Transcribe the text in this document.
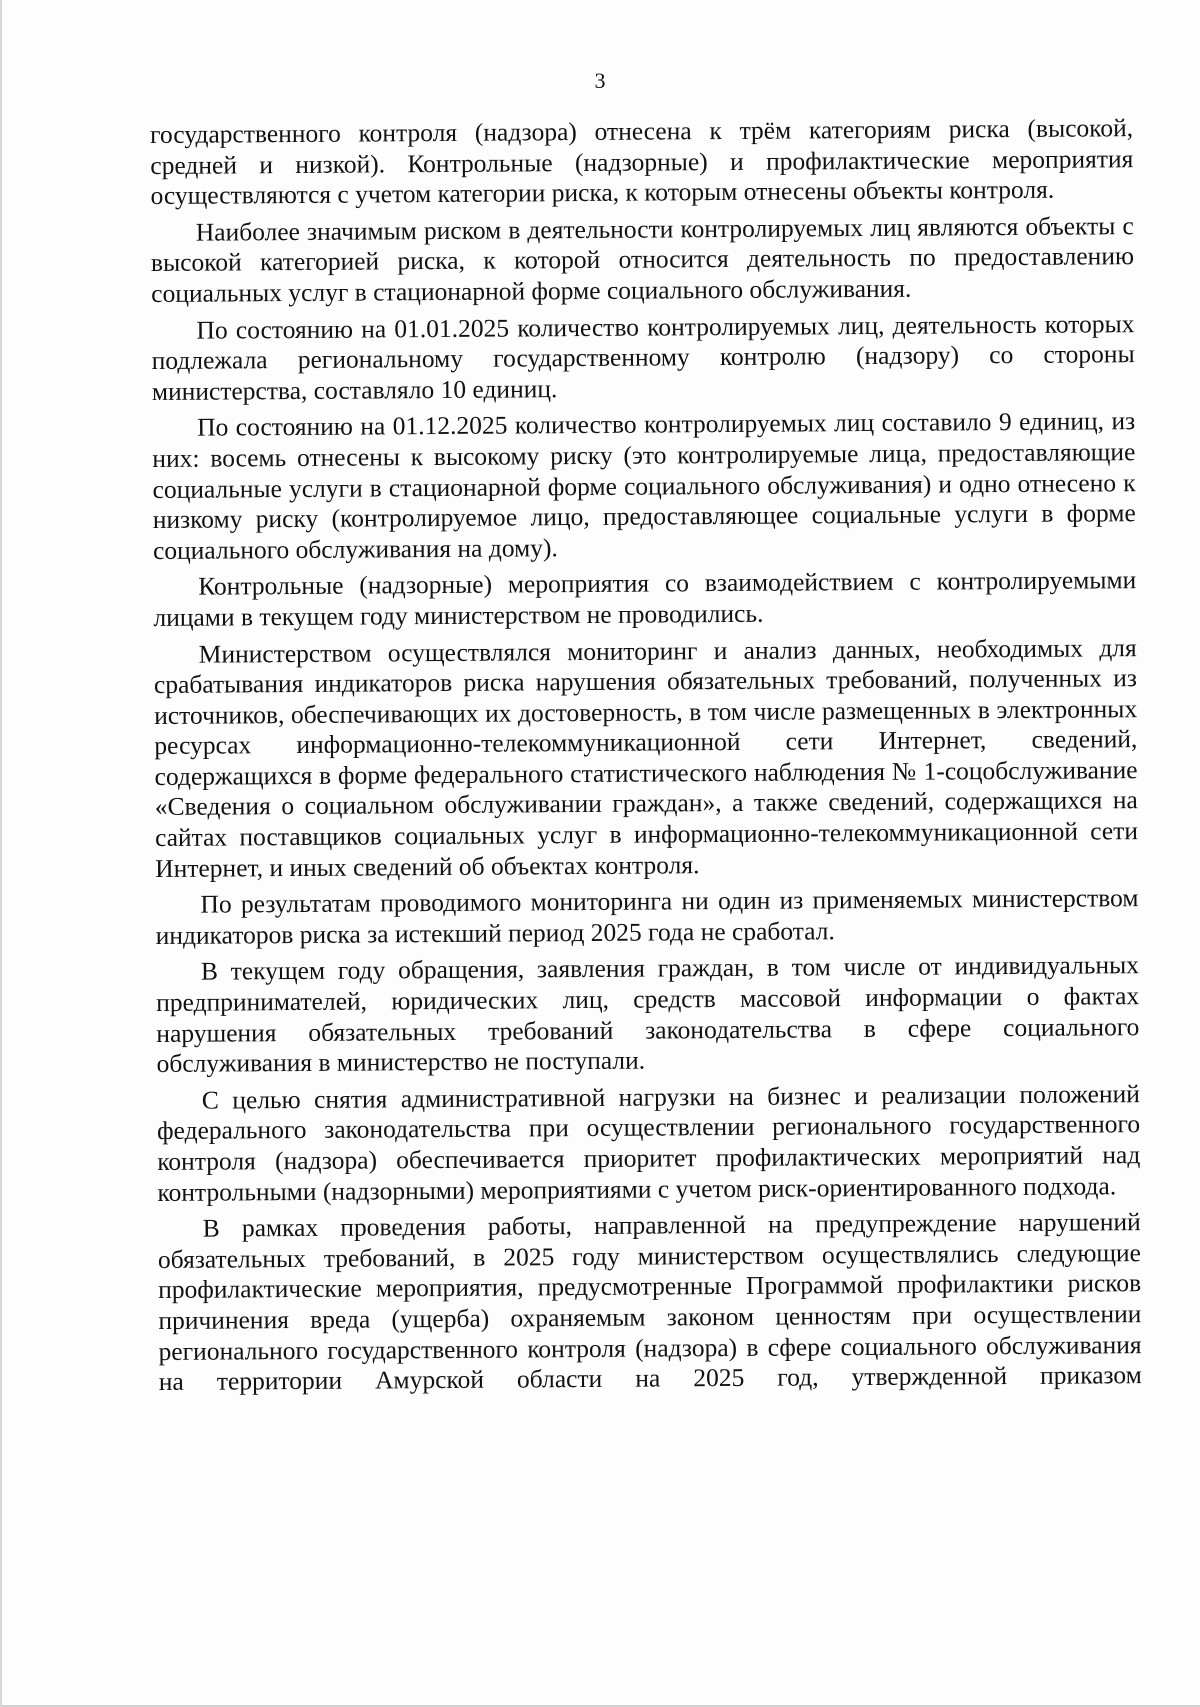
3

государственного контроля (надзора) отнесена к трём категориям риска (высокой, средней и низкой). Контрольные (надзорные) и профилактические мероприятия осуществляются с учетом категории риска, к которым отнесены объекты контроля.

Наиболее значимым риском в деятельности контролируемых лиц являются объекты с высокой категорией риска, к которой относится деятельность по предоставлению социальных услуг в стационарной форме социального обслуживания.

По состоянию на 01.01.2025 количество контролируемых лиц, деятельность которых подлежала региональному государственному контролю (надзору) со стороны министерства, составляло 10 единиц.

По состоянию на 01.12.2025 количество контролируемых лиц составило 9 единиц, из них: восемь отнесены к высокому риску (это контролируемые лица, предоставляющие социальные услуги в стационарной форме социального обслуживания) и одно отнесено к низкому риску (контролируемое лицо, предоставляющее социальные услуги в форме социального обслуживания на дому).

Контрольные (надзорные) мероприятия со взаимодействием с контролируемыми лицами в текущем году министерством не проводились.

Министерством осуществлялся мониторинг и анализ данных, необходимых для срабатывания индикаторов риска нарушения обязательных требований, полученных из источников, обеспечивающих их достоверность, в том числе размещенных в электронных ресурсах информационно-телекоммуникационной сети Интернет, сведений, содержащихся в форме федерального статистического наблюдения № 1-соцобслуживание «Сведения о социальном обслуживании граждан», а также сведений, содержащихся на сайтах поставщиков социальных услуг в информационно-телекоммуникационной сети Интернет, и иных сведений об объектах контроля.

По результатам проводимого мониторинга ни один из применяемых министерством индикаторов риска за истекший период 2025 года не сработал.

В текущем году обращения, заявления граждан, в том числе от индивидуальных предпринимателей, юридических лиц, средств массовой информации о фактах нарушения обязательных требований законодательства в сфере социального обслуживания в министерство не поступали.

С целью снятия административной нагрузки на бизнес и реализации положений федерального законодательства при осуществлении регионального государственного контроля (надзора) обеспечивается приоритет профилактических мероприятий над контрольными (надзорными) мероприятиями с учетом риск-ориентированного подхода.

В рамках проведения работы, направленной на предупреждение нарушений обязательных требований, в 2025 году министерством осуществлялись следующие профилактические мероприятия, предусмотренные Программой профилактики рисков причинения вреда (ущерба) охраняемым законом ценностям при осуществлении регионального государственного контроля (надзора) в сфере социального обслуживания на территории Амурской области на 2025 год, утвержденной приказом
